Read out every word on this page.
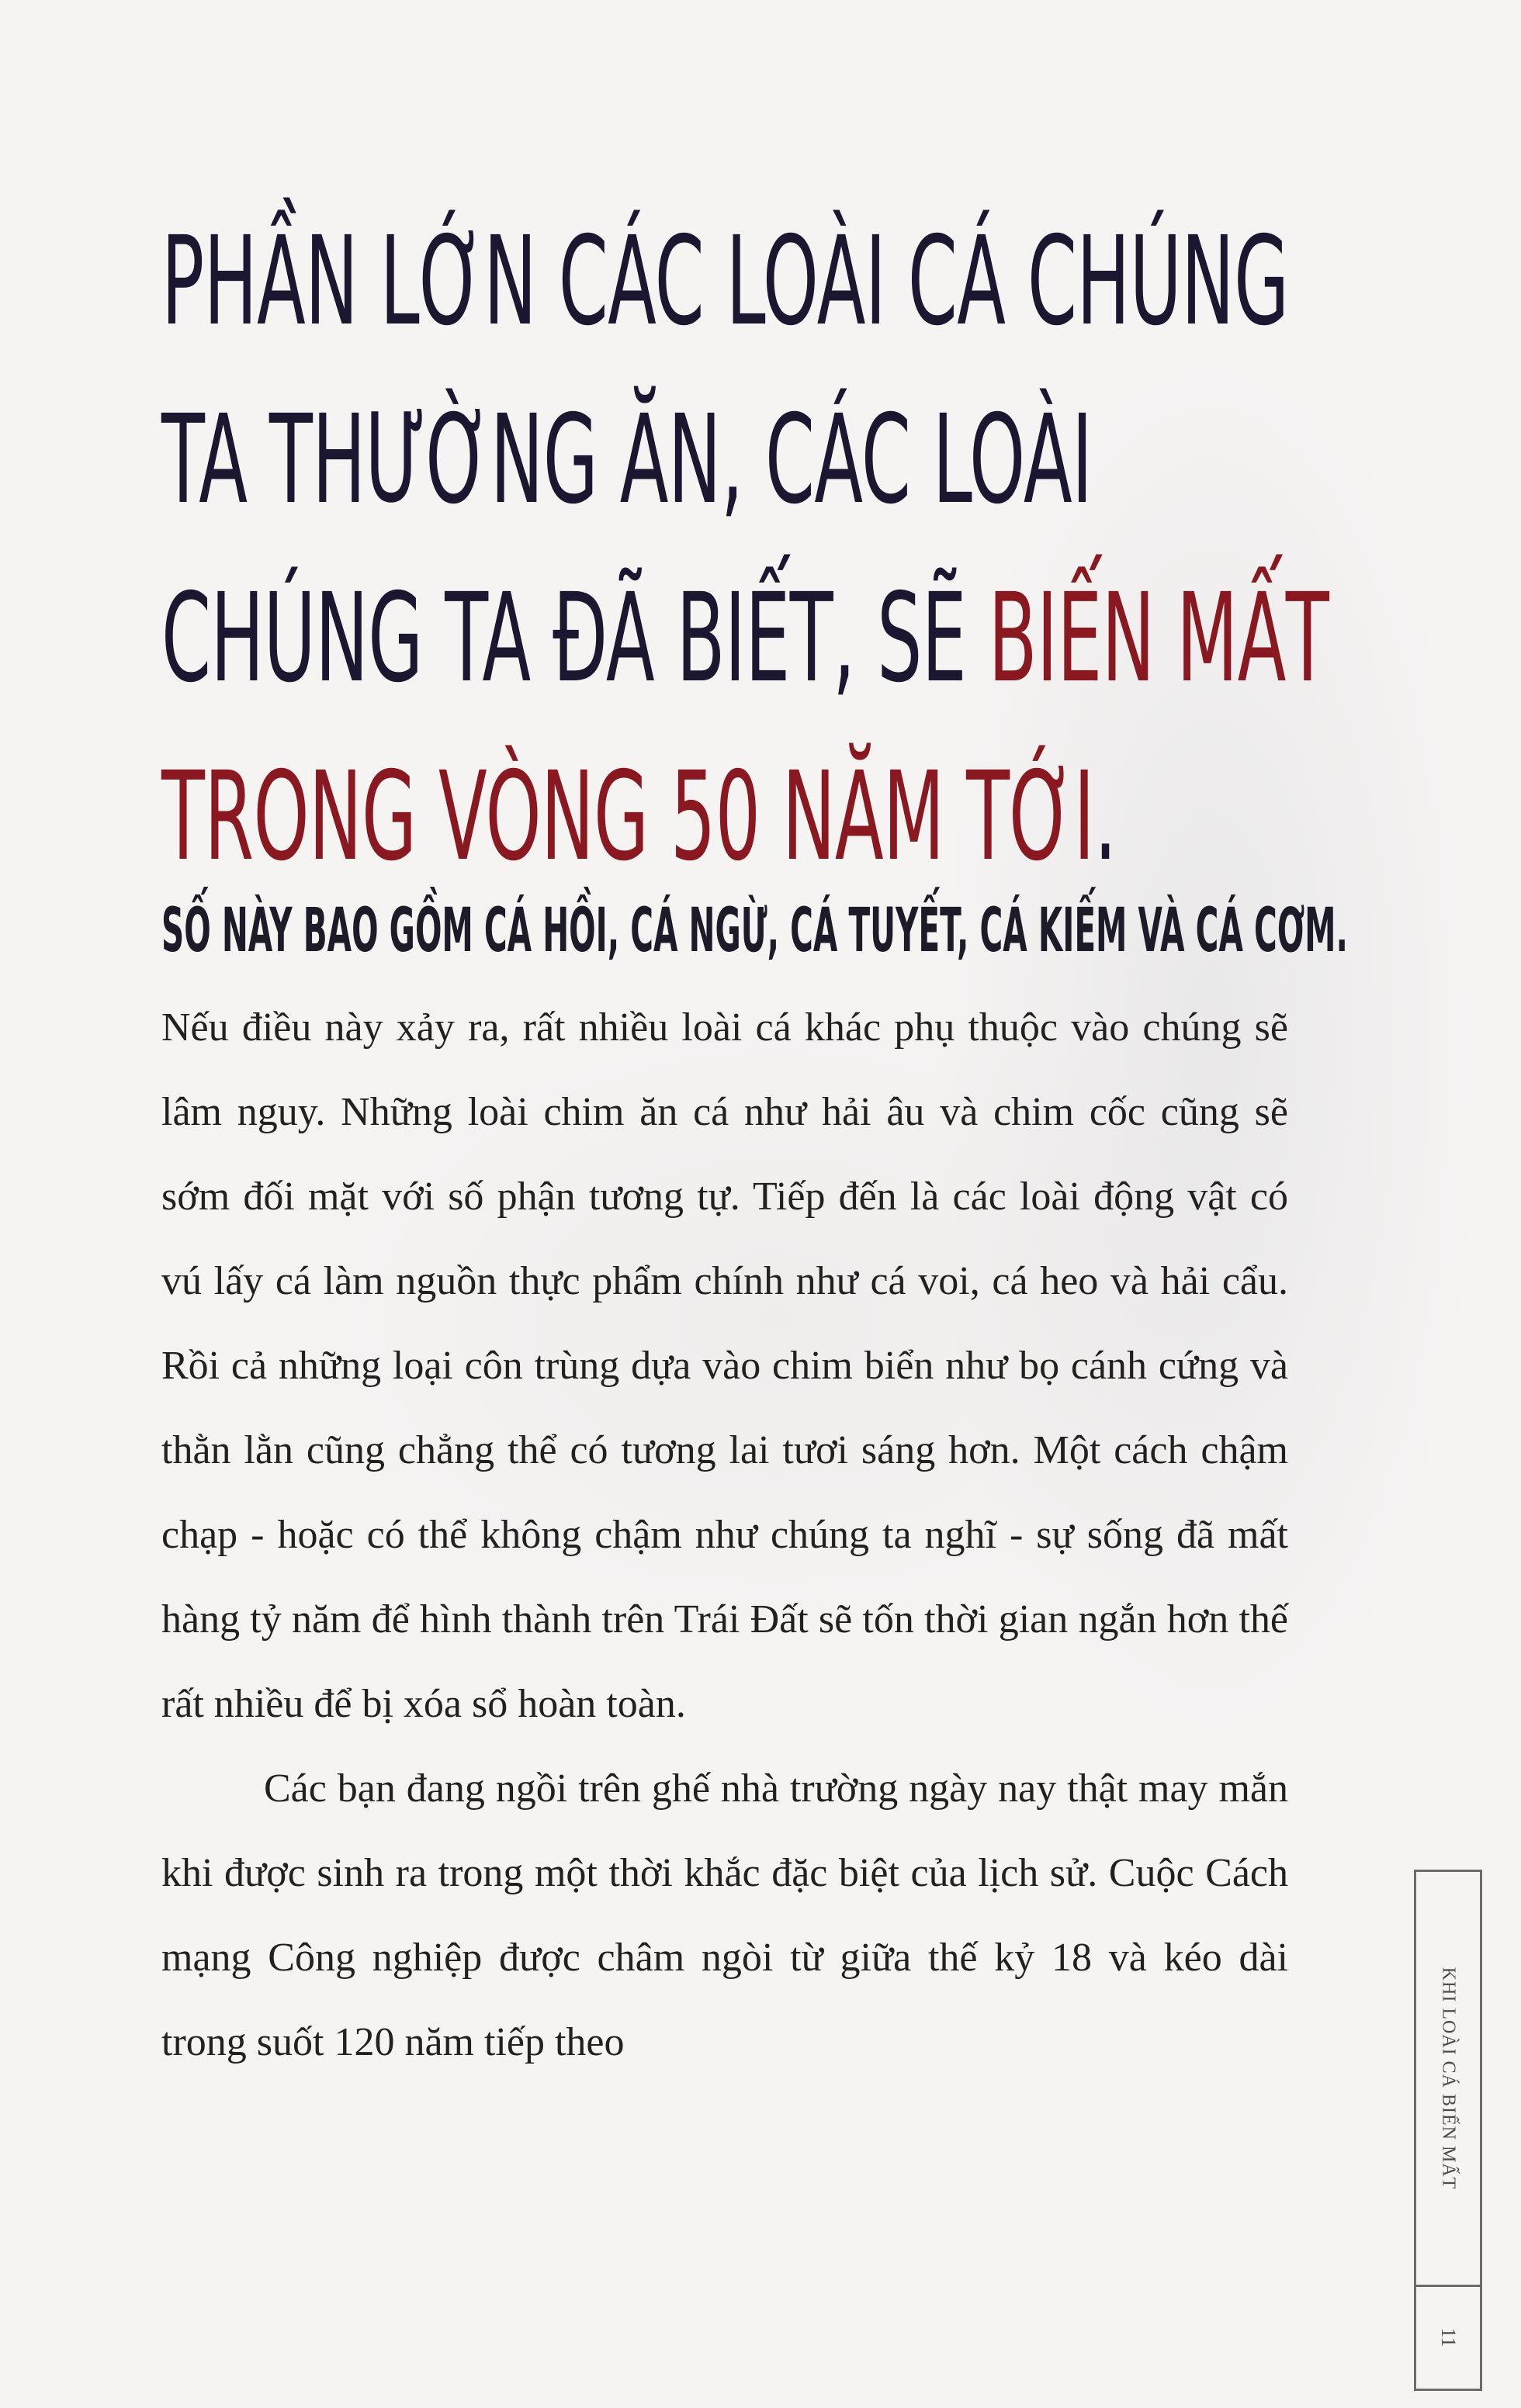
PHẦN LỚN CÁC LOÀI CÁ CHÚNG
TA THƯỜNG ĂN, CÁC LOÀI
CHÚNG TA ĐÃ BIẾT, SẼ BIẾN MẤT
TRONG VÒNG 50 NĂM TỚI.
SỐ NÀY BAO GỒM CÁ HỒI, CÁ NGỪ, CÁ TUYẾT, CÁ KIẾM VÀ CÁ CƠM.

Nếu điều này xảy ra, rất nhiều loài cá khác phụ thuộc vào chúng sẽ lâm nguy. Những loài chim ăn cá như hải âu và chim cốc cũng sẽ sớm đối mặt với số phận tương tự. Tiếp đến là các loài động vật có vú lấy cá làm nguồn thực phẩm chính như cá voi, cá heo và hải cẩu. Rồi cả những loại côn trùng dựa vào chim biển như bọ cánh cứng và thằn lằn cũng chẳng thể có tương lai tươi sáng hơn. Một cách chậm chạp - hoặc có thể không chậm như chúng ta nghĩ - sự sống đã mất hàng tỷ năm để hình thành trên Trái Đất sẽ tốn thời gian ngắn hơn thế rất nhiều để bị xóa sổ hoàn toàn.

Các bạn đang ngồi trên ghế nhà trường ngày nay thật may mắn khi được sinh ra trong một thời khắc đặc biệt của lịch sử. Cuộc Cách mạng Công nghiệp được châm ngòi từ giữa thế kỷ 18 và kéo dài trong suốt 120 năm tiếp theo	KHI LOÀI CÁ BIẾN MẤT
11
